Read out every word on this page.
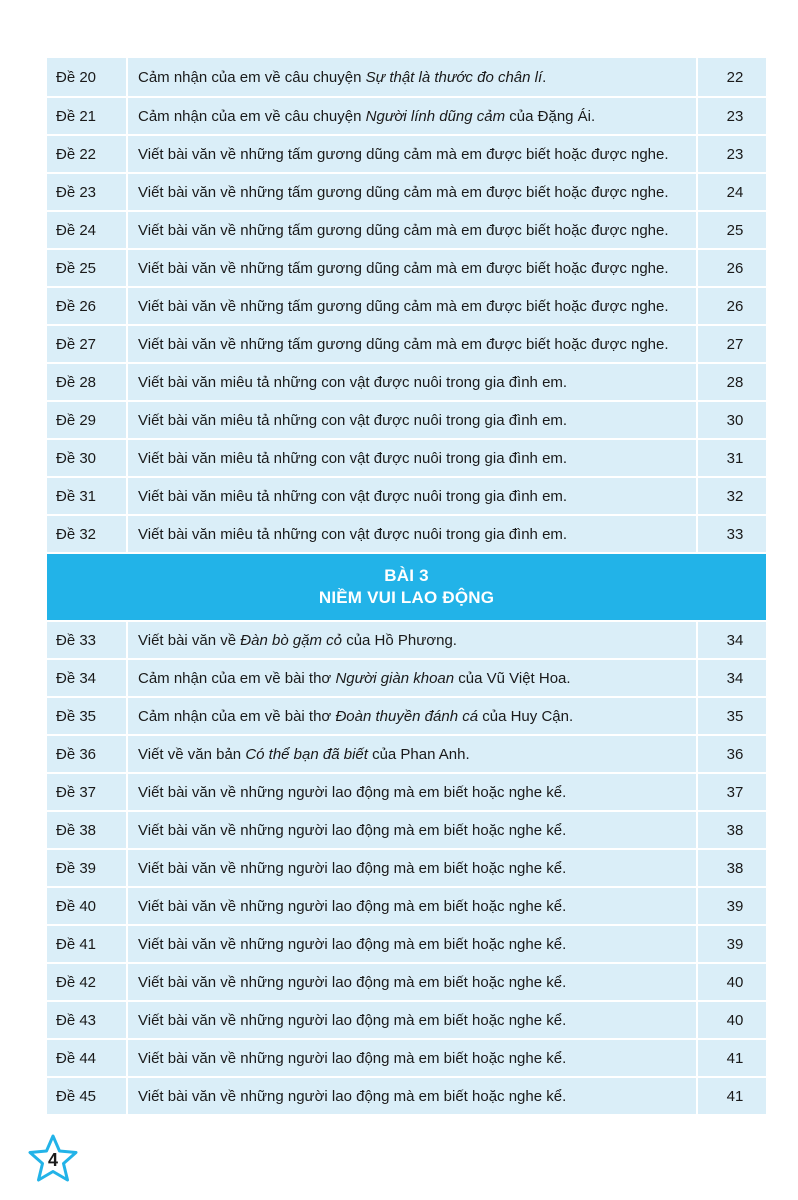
Đề 20	Cảm nhận của em về câu chuyện Sự thật là thước đo chân lí.	22
Đề 21	Cảm nhận của em về câu chuyện Người lính dũng cảm của Đặng Ái.	23
Đề 22	Viết bài văn về những tấm gương dũng cảm mà em được biết hoặc được nghe.	23
Đề 23	Viết bài văn về những tấm gương dũng cảm mà em được biết hoặc được nghe.	24
Đề 24	Viết bài văn về những tấm gương dũng cảm mà em được biết hoặc được nghe.	25
Đề 25	Viết bài văn về những tấm gương dũng cảm mà em được biết hoặc được nghe.	26
Đề 26	Viết bài văn về những tấm gương dũng cảm mà em được biết hoặc được nghe.	26
Đề 27	Viết bài văn về những tấm gương dũng cảm mà em được biết hoặc được nghe.	27
Đề 28	Viết bài văn miêu tả những con vật được nuôi trong gia đình em.	28
Đề 29	Viết bài văn miêu tả những con vật được nuôi trong gia đình em.	30
Đề 30	Viết bài văn miêu tả những con vật được nuôi trong gia đình em.	31
Đề 31	Viết bài văn miêu tả những con vật được nuôi trong gia đình em.	32
Đề 32	Viết bài văn miêu tả những con vật được nuôi trong gia đình em.	33

BÀI 3
NIỀM VUI LAO ĐỘNG		

Đề 33	Viết bài văn về Đàn bò gặm cỏ của Hồ Phương.	34
Đề 34	Cảm nhận của em về bài thơ Người giàn khoan của Vũ Việt Hoa.	34
Đề 35	Cảm nhận của em về bài thơ Đoàn thuyền đánh cá của Huy Cận.	35
Đề 36	Viết về văn bản Có thể bạn đã biết của Phan Anh.	36
Đề 37	Viết bài văn về những người lao động mà em biết hoặc nghe kể.	37
Đề 38	Viết bài văn về những người lao động mà em biết hoặc nghe kể.	38
Đề 39	Viết bài văn về những người lao động mà em biết hoặc nghe kể.	38
Đề 40	Viết bài văn về những người lao động mà em biết hoặc nghe kể.	39
Đề 41	Viết bài văn về những người lao động mà em biết hoặc nghe kể.	39
Đề 42	Viết bài văn về những người lao động mà em biết hoặc nghe kể.	40
Đề 43	Viết bài văn về những người lao động mà em biết hoặc nghe kể.	40
Đề 44	Viết bài văn về những người lao động mà em biết hoặc nghe kể.	41
Đề 45	Viết bài văn về những người lao động mà em biết hoặc nghe kể.	41
4
